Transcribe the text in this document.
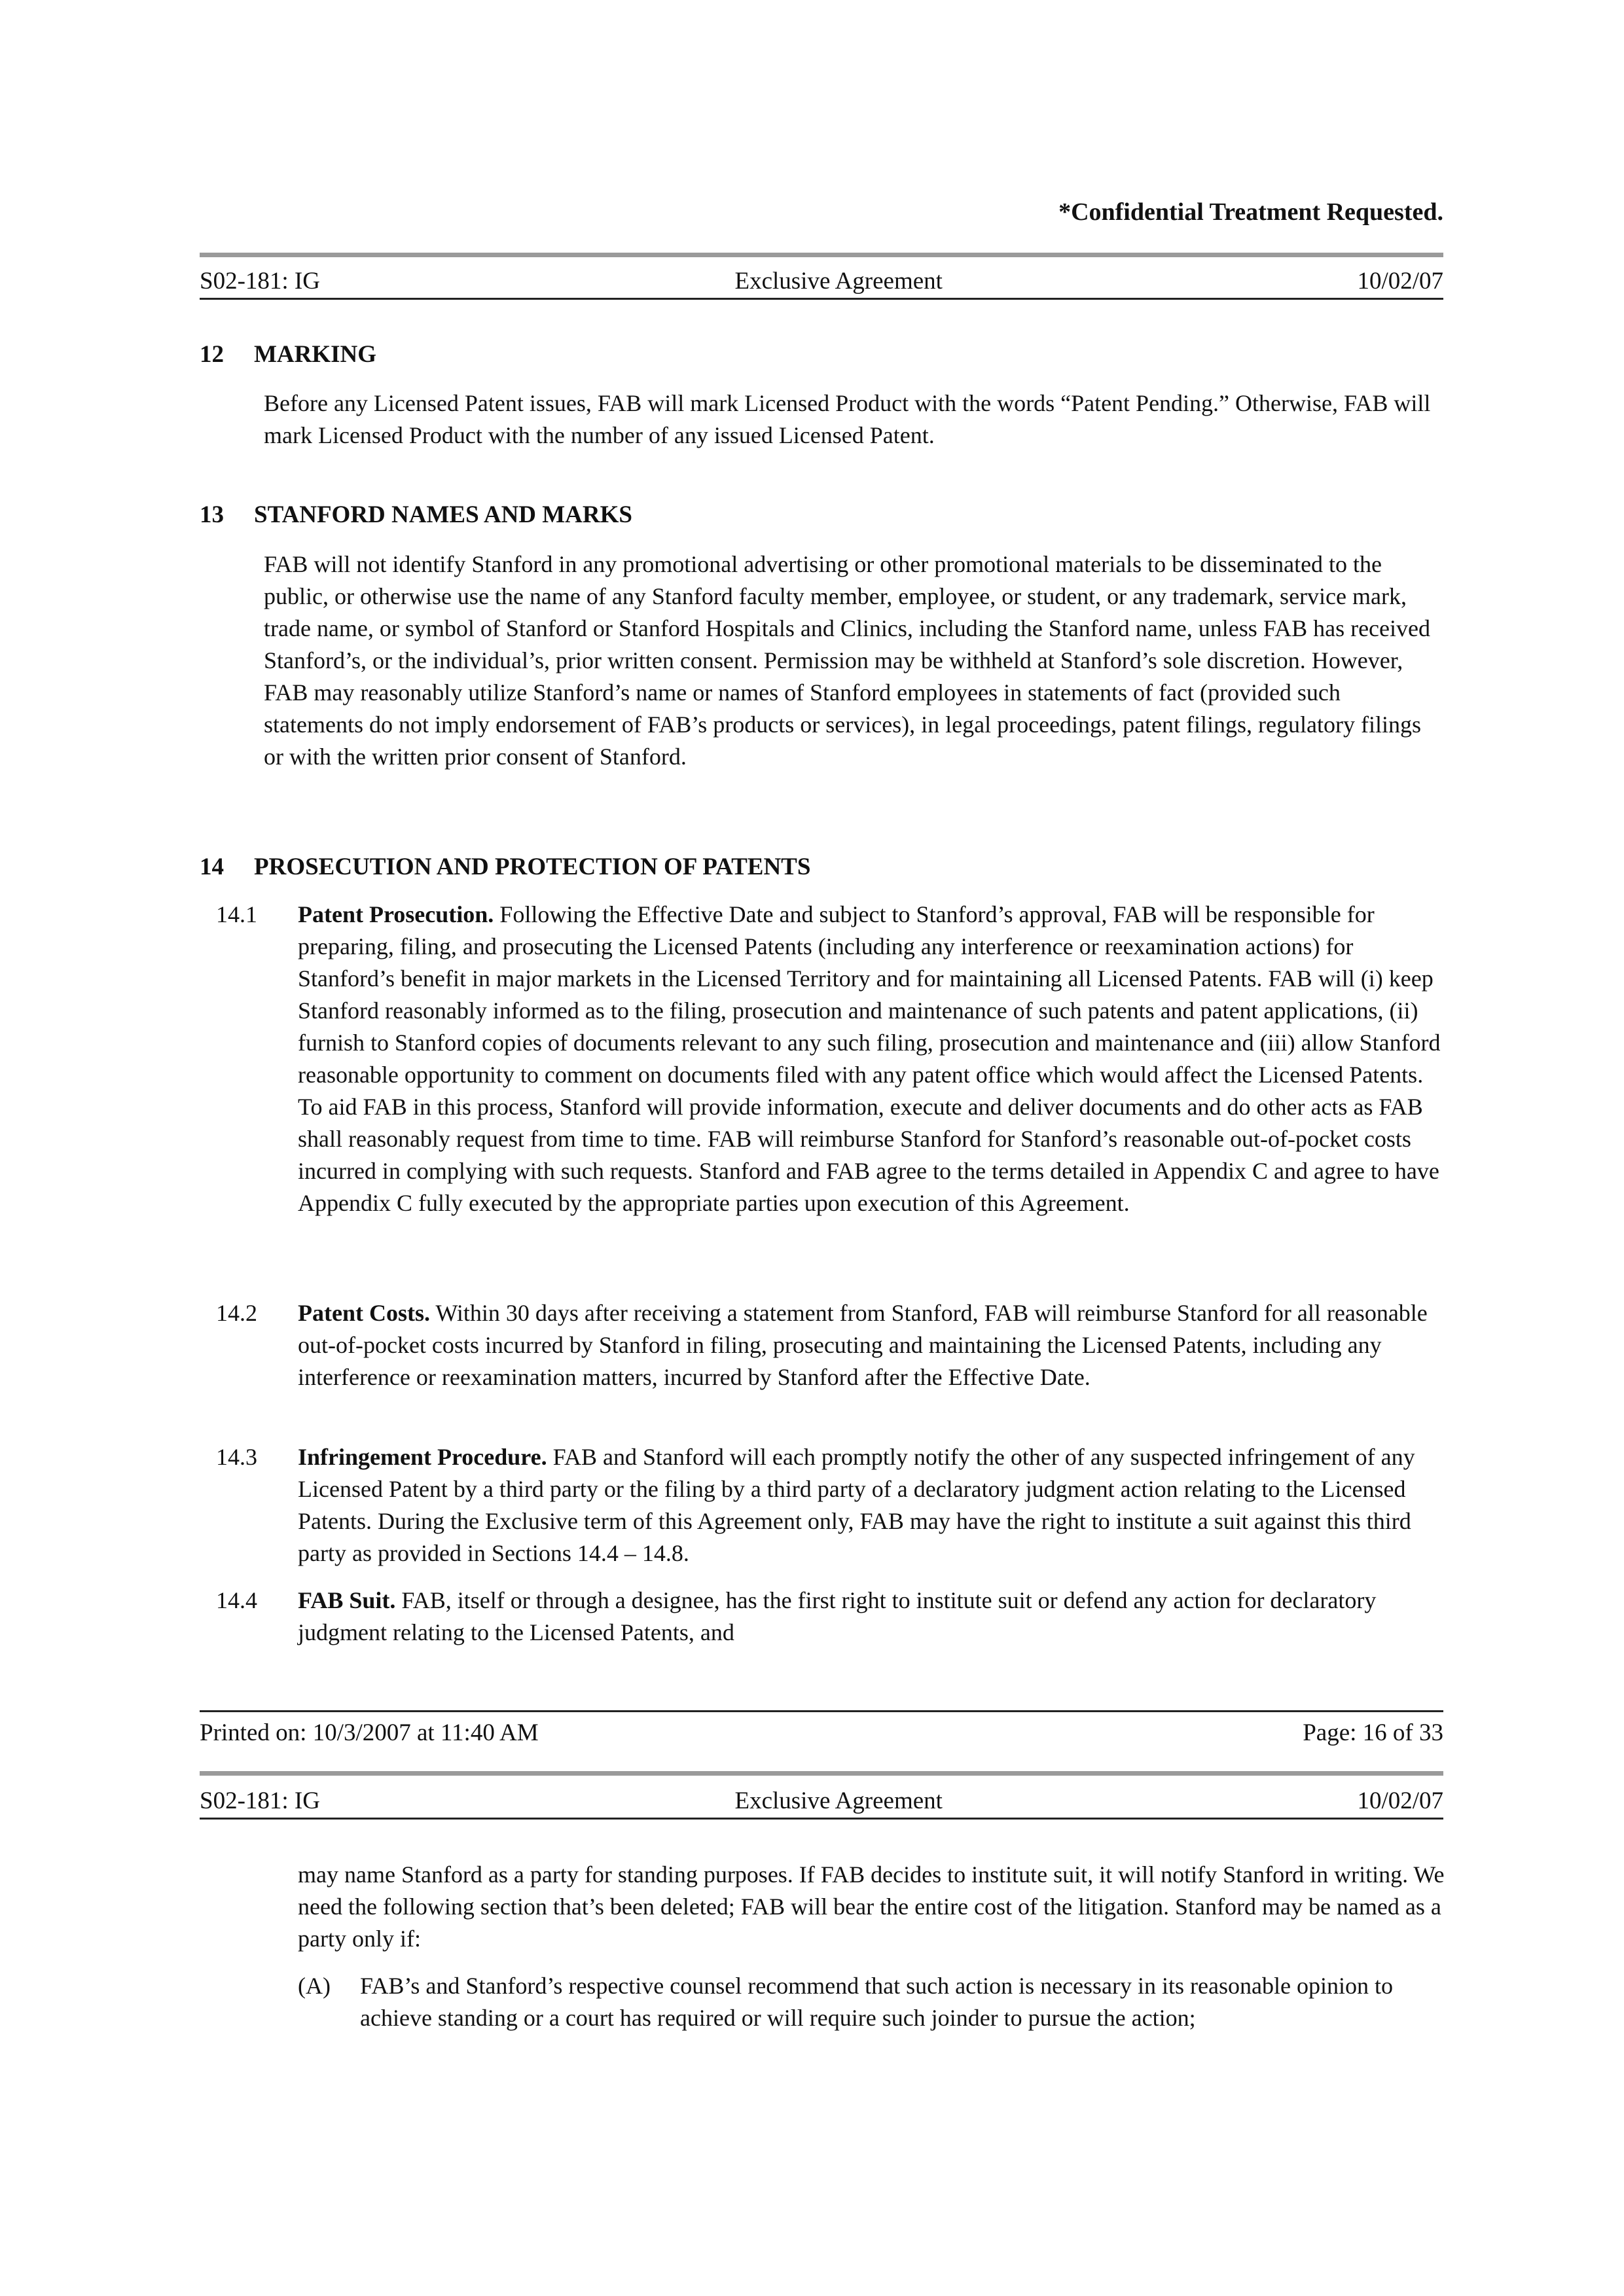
*Confidential Treatment Requested.
S02-181: IG	Exclusive Agreement	10/02/07
12 MARKING
Before any Licensed Patent issues, FAB will mark Licensed Product with the words “Patent Pending.” Otherwise, FAB will mark Licensed Product with the number of any issued Licensed Patent.
13 STANFORD NAMES AND MARKS
FAB will not identify Stanford in any promotional advertising or other promotional materials to be disseminated to the public, or otherwise use the name of any Stanford faculty member, employee, or student, or any trademark, service mark, trade name, or symbol of Stanford or Stanford Hospitals and Clinics, including the Stanford name, unless FAB has received Stanford’s, or the individual’s, prior written consent. Permission may be withheld at Stanford’s sole discretion. However, FAB may reasonably utilize Stanford’s name or names of Stanford employees in statements of fact (provided such statements do not imply endorsement of FAB’s products or services), in legal proceedings, patent filings, regulatory filings or with the written prior consent of Stanford.
14 PROSECUTION AND PROTECTION OF PATENTS
14.1	Patent Prosecution. Following the Effective Date and subject to Stanford’s approval, FAB will be responsible for preparing, filing, and prosecuting the Licensed Patents (including any interference or reexamination actions) for Stanford’s benefit in major markets in the Licensed Territory and for maintaining all Licensed Patents. FAB will (i) keep Stanford reasonably informed as to the filing, prosecution and maintenance of such patents and patent applications, (ii) furnish to Stanford copies of documents relevant to any such filing, prosecution and maintenance and (iii) allow Stanford reasonable opportunity to comment on documents filed with any patent office which would affect the Licensed Patents. To aid FAB in this process, Stanford will provide information, execute and deliver documents and do other acts as FAB shall reasonably request from time to time. FAB will reimburse Stanford for Stanford’s reasonable out-of-pocket costs incurred in complying with such requests. Stanford and FAB agree to the terms detailed in Appendix C and agree to have Appendix C fully executed by the appropriate parties upon execution of this Agreement.
14.2	Patent Costs. Within 30 days after receiving a statement from Stanford, FAB will reimburse Stanford for all reasonable out-of-pocket costs incurred by Stanford in filing, prosecuting and maintaining the Licensed Patents, including any interference or reexamination matters, incurred by Stanford after the Effective Date.
14.3	Infringement Procedure. FAB and Stanford will each promptly notify the other of any suspected infringement of any Licensed Patent by a third party or the filing by a third party of a declaratory judgment action relating to the Licensed Patents. During the Exclusive term of this Agreement only, FAB may have the right to institute a suit against this third party as provided in Sections 14.4 – 14.8.
14.4	FAB Suit. FAB, itself or through a designee, has the first right to institute suit or defend any action for declaratory judgment relating to the Licensed Patents, and
Printed on: 10/3/2007 at 11:40 AM	Page: 16 of 33
S02-181: IG	Exclusive Agreement	10/02/07
may name Stanford as a party for standing purposes. If FAB decides to institute suit, it will notify Stanford in writing. We need the following section that’s been deleted; FAB will bear the entire cost of the litigation. Stanford may be named as a party only if:
(A)	FAB’s and Stanford’s respective counsel recommend that such action is necessary in its reasonable opinion to achieve standing or a court has required or will require such joinder to pursue the action;
